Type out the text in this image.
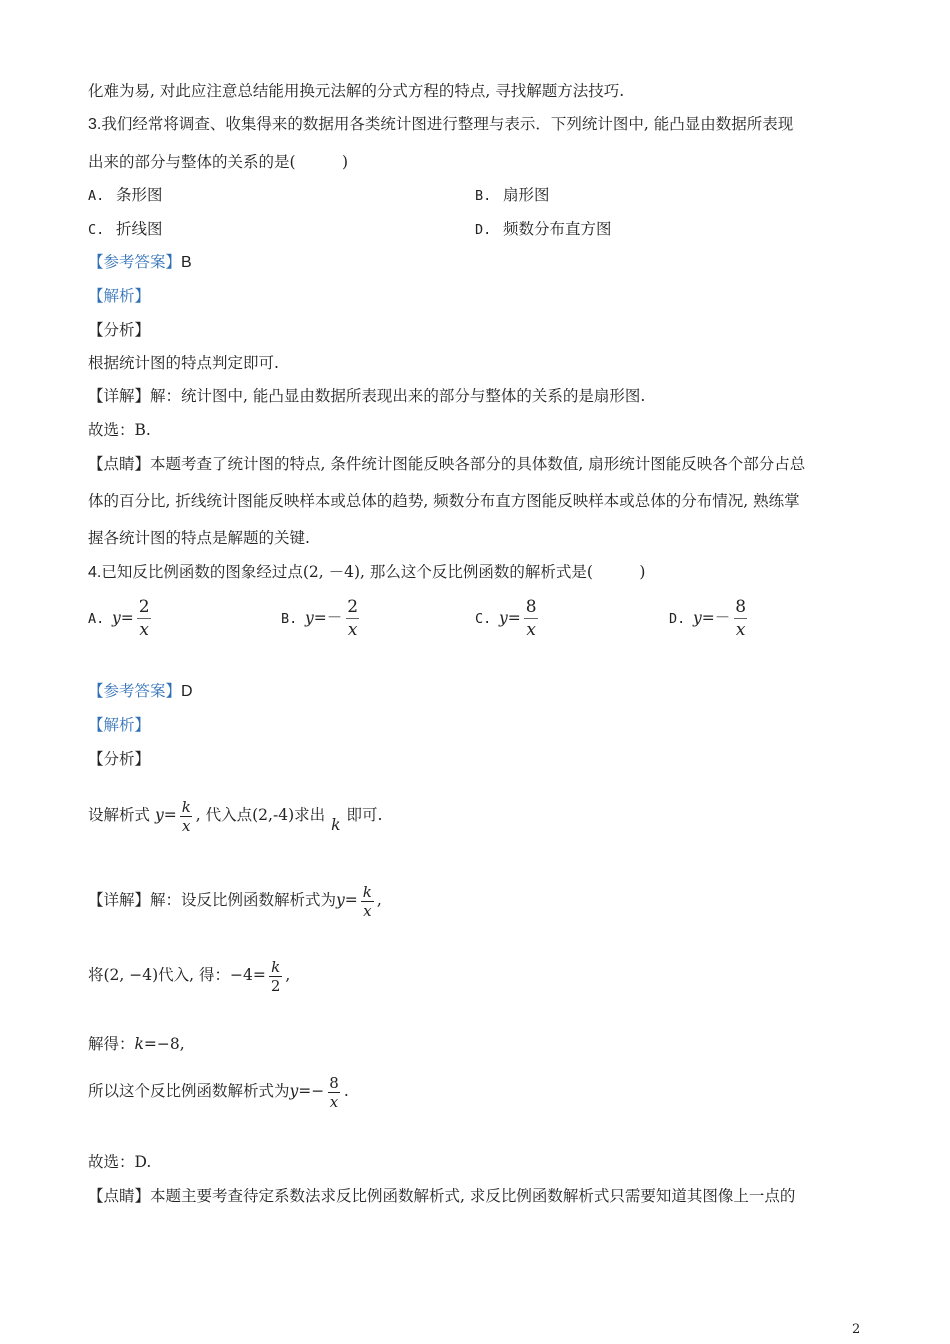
化难为易, 对此应注意总结能用换元法解的分式方程的特点, 寻找解题方法技巧.
3.我们经常将调查、收集得来的数据用各类统计图进行整理与表示．下列统计图中, 能凸显由数据所表现
出来的部分与整体的关系的是(　　　)
A. 条形图	B. 扇形图
C. 折线图	D. 频数分布直方图
【参考答案】B
【解析】
【分析】
根据统计图的特点判定即可.
【详解】解：统计图中, 能凸显由数据所表现出来的部分与整体的关系的是扇形图.
故选：B.
【点睛】本题考查了统计图的特点, 条件统计图能反映各部分的具体数值, 扇形统计图能反映各个部分占总
体的百分比, 折线统计图能反映样本或总体的趋势, 频数分布直方图能反映样本或总体的分布情况, 熟练掌
握各统计图的特点是解题的关键.
4.已知反比例函数的图象经过点(2, －4), 那么这个反比例函数的解析式是(　　　)
A. $y= \frac{2}{x}$	B. $y=- \frac{2}{x}$	C. $y= \frac{8}{x}$	D. $y=- \frac{8}{x}$
【参考答案】D
【解析】
【分析】
设解析式 $y= \frac{k}{x}$ , 代入点(2,-4)求出k即可.
【详解】解：设反比例函数解析式为$y= \frac{k}{x}$ ,
将(2, −4)代入, 得：$-4= \frac{k}{2}$ ,
解得：k=−8,
所以这个反比例函数解析式为$y=- \frac{8}{x}$ .
故选：D.
【点睛】本题主要考查待定系数法求反比例函数解析式, 求反比例函数解析式只需要知道其图像上一点的
2
